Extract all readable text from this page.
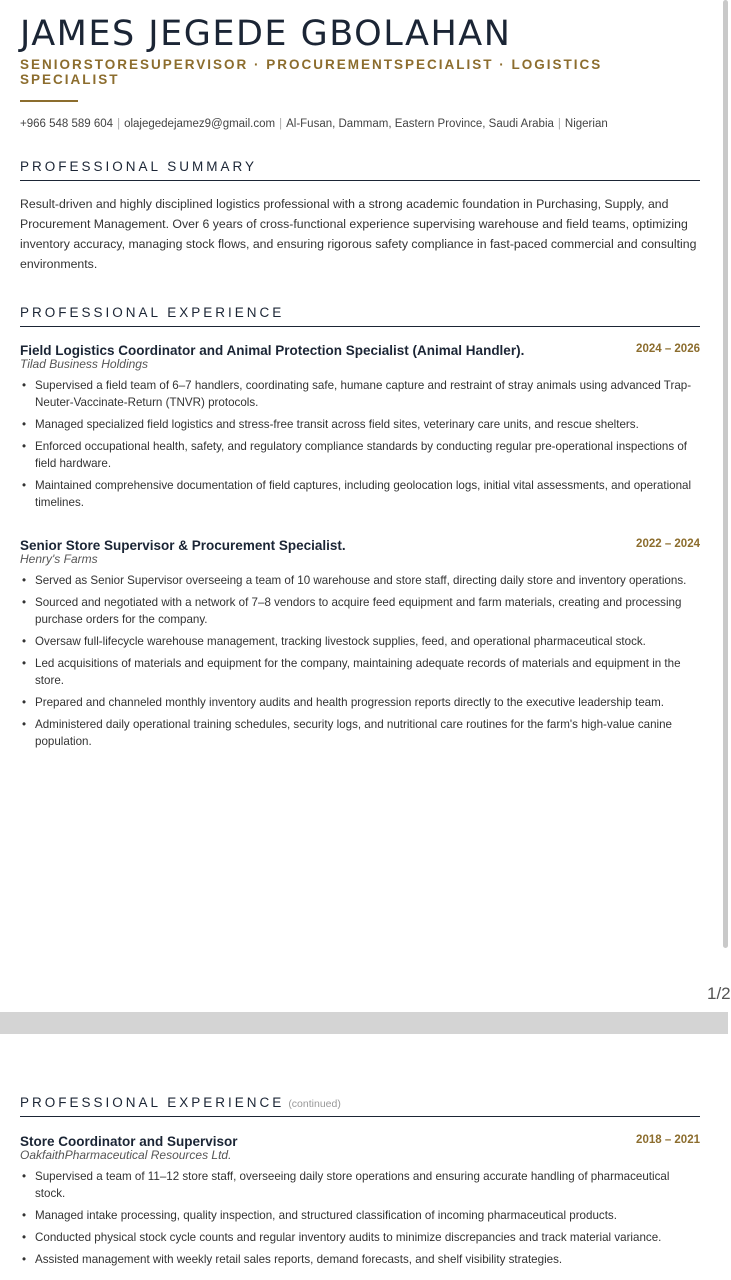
JAMES JEGEDE GBOLAHAN
SENIORSTORESUPERVISOR · PROCUREMENTSPECIALIST · LOGISTICS SPECIALIST
+966 548 589 604 | olajegedejamez9@gmail.com | Al-Fusan, Dammam, Eastern Province, Saudi Arabia | Nigerian
PROFESSIONAL SUMMARY

Result-driven and highly disciplined logistics professional with a strong academic foundation in Purchasing, Supply, and Procurement Management. Over 6 years of cross-functional experience supervising warehouse and field teams, optimizing inventory accuracy, managing stock flows, and ensuring rigorous safety compliance in fast-paced commercial and consulting environments.

PROFESSIONAL EXPERIENCE
Field Logistics Coordinator and Animal Protection Specialist (Animal Handler).	2024 – 2026
Tilad Business Holdings
• Supervised a field team of 6–7 handlers, coordinating safe, humane capture and restraint of stray animals using advanced Trap-Neuter-Vaccinate-Return (TNVR) protocols.
• Managed specialized field logistics and stress-free transit across field sites, veterinary care units, and rescue shelters.
• Enforced occupational health, safety, and regulatory compliance standards by conducting regular pre-operational inspections of field hardware.
• Maintained comprehensive documentation of field captures, including geolocation logs, initial vital assessments, and operational timelines.
Senior Store Supervisor & Procurement Specialist.	2022 – 2024
Henry's Farms
• Served as Senior Supervisor overseeing a team of 10 warehouse and store staff, directing daily store and inventory operations.
• Sourced and negotiated with a network of 7–8 vendors to acquire feed equipment and farm materials, creating and processing purchase orders for the company.
• Oversaw full-lifecycle warehouse management, tracking livestock supplies, feed, and operational pharmaceutical stock.
• Led acquisitions of materials and equipment for the company, maintaining adequate records of materials and equipment in the store.
• Prepared and channeled monthly inventory audits and health progression reports directly to the executive leadership team.
• Administered daily operational training schedules, security logs, and nutritional care routines for the farm's high-value canine population.
1/2
PROFESSIONAL EXPERIENCE (continued)
Store Coordinator and Supervisor	2018 – 2021
OakfaithPharmaceutical Resources Ltd.
• Supervised a team of 11–12 store staff, overseeing daily store operations and ensuring accurate handling of pharmaceutical stock.
• Managed intake processing, quality inspection, and structured classification of incoming pharmaceutical products.
• Conducted physical stock cycle counts and regular inventory audits to minimize discrepancies and track material variance.
• Assisted management with weekly retail sales reports, demand forecasts, and shelf visibility strategies.
